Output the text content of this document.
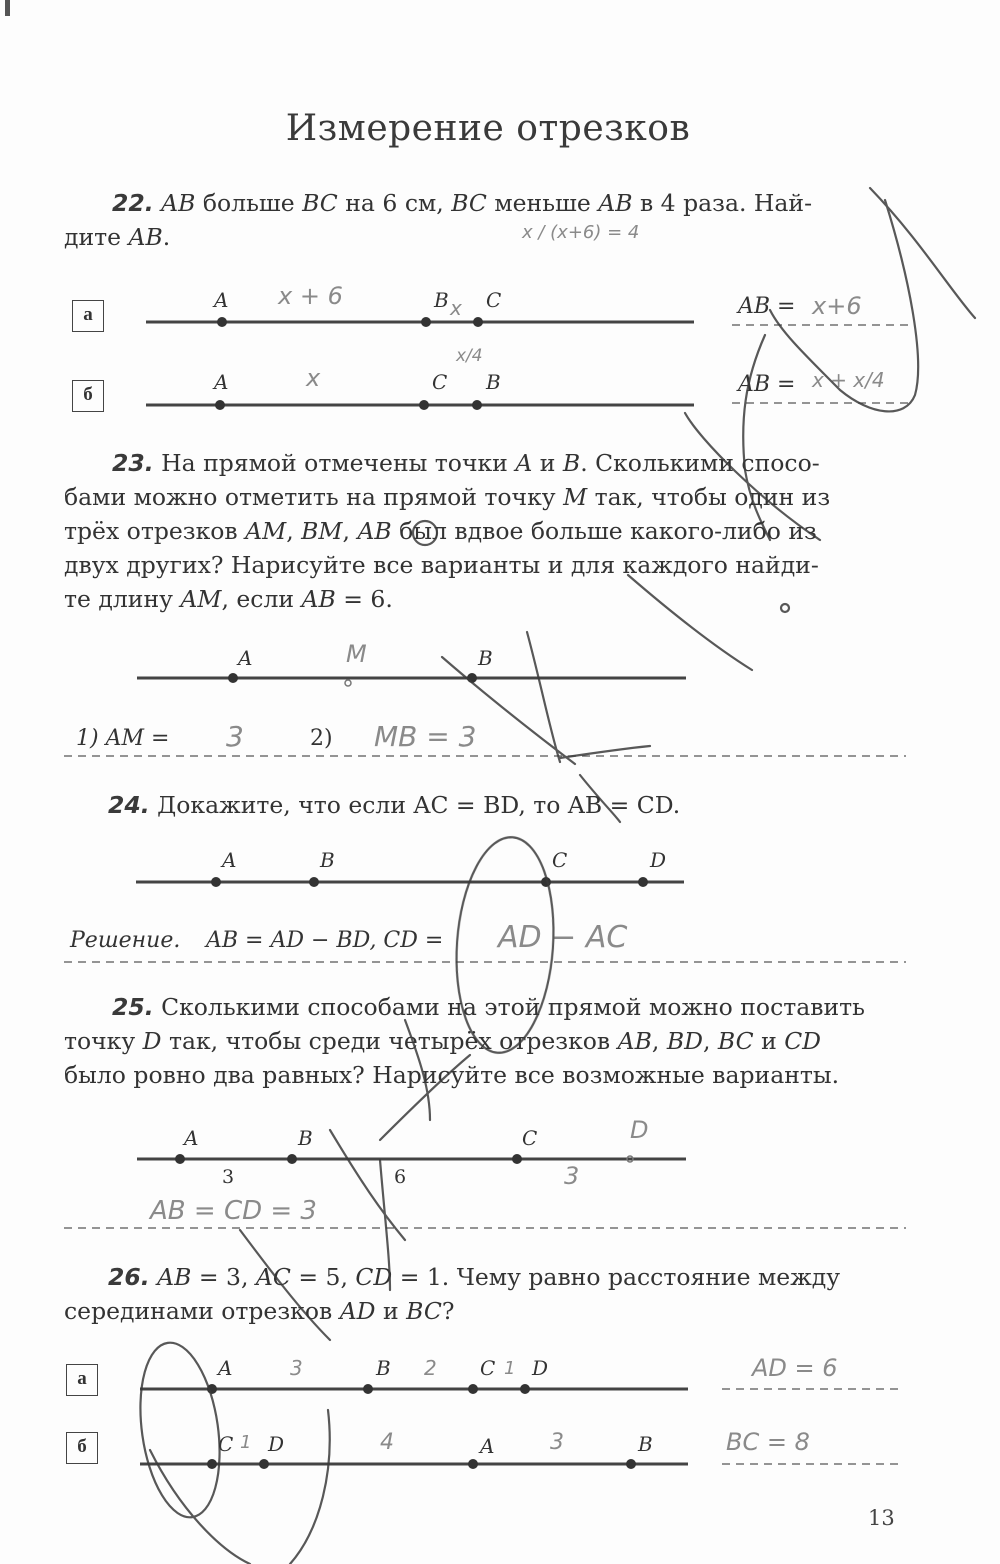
Измерение отрезков
22. AB больше BC на 6 см, BC меньше AB в 4 раза. Най-
дите AB.	x / (x+6) = 4
а
б
A	B C
x + 6	x	AB = x+6
A	C B
x
x/4
AB = x + x/4
23. На прямой отмечены точки A и B. Сколькими спосо-
бами можно отметить на прямой точку M так, чтобы один из
трёх отрезков AM, BM, AB был вдвое больше какого-либо из
двух других? Нарисуйте все варианты и для каждого найди-
те длину AM, если AB = 6.
A	M	B
1) AM = 3	2) MB = 3
24. Докажите, что если AC = BD, то AB = CD.
A	B	C	D
Решение. AB = AD − BD, CD = AD − AC
25. Сколькими способами на этой прямой можно поставить
точку D так, чтобы среди четырёх отрезков AB, BD, BC и CD
было ровно два равных? Нарисуйте все возможные варианты.
A	B	C	D
3	6	3
AB = CD = 3
26. AB = 3, AC = 5, CD = 1. Чему равно расстояние между
серединами отрезков AD и BC?
а
б
A	B	C D
3	2	1	AD = 6
C D	A	B
1	4	3	BC = 8
13
